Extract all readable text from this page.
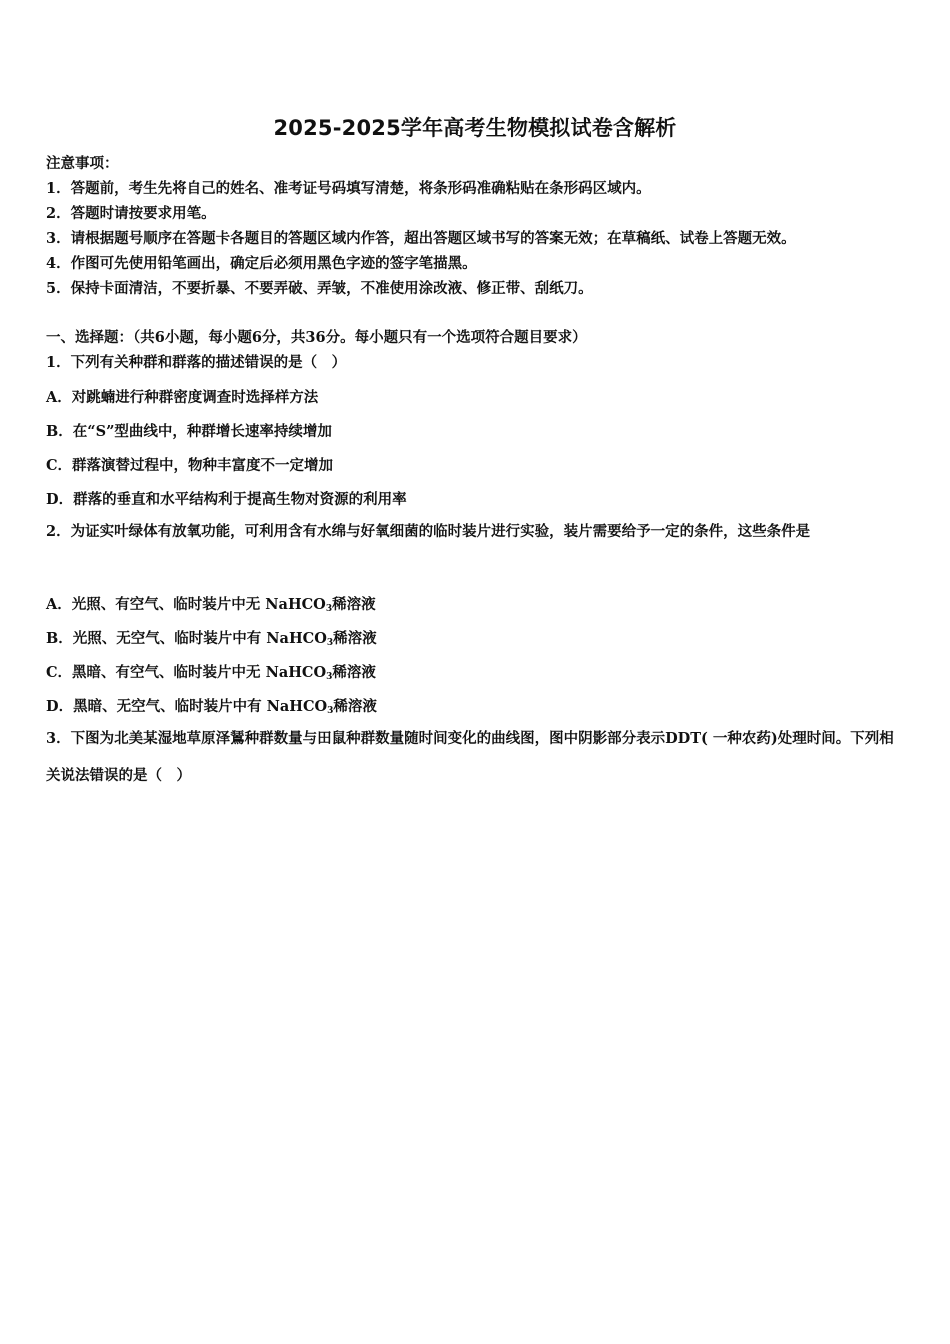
2025-2025学年高考生物模拟试卷含解析
注意事项：
1．答题前，考生先将自己的姓名、准考证号码填写清楚，将条形码准确粘贴在条形码区域内。
2．答题时请按要求用笔。
3．请根据题号顺序在答题卡各题目的答题区域内作答，超出答题区域书写的答案无效；在草稿纸、试卷上答题无效。
4．作图可先使用铅笔画出，确定后必须用黑色字迹的签字笔描黑。
5．保持卡面清洁，不要折暴、不要弄破、弄皱，不准使用涂改液、修正带、刮纸刀。
一、选择题：（共6小题，每小题6分，共36分。每小题只有一个选项符合题目要求）
1．下列有关种群和群落的描述错误的是（　）
A．对跳蝻进行种群密度调查时选择样方法
B．在“S”型曲线中，种群增长速率持续增加
C．群落演替过程中，物种丰富度不一定增加
D．群落的垂直和水平结构利于提高生物对资源的利用率
2．为证实叶绿体有放氧功能，可利用含有水绵与好氧细菌的临时装片进行实验，装片需要给予一定的条件，这些条件是
A．光照、有空气、临时装片中无 NaHCO$_3$稀溶液
B．光照、无空气、临时装片中有 NaHCO$_3$稀溶液
C．黑暗、有空气、临时装片中无 NaHCO$_3$稀溶液
D．黑暗、无空气、临时装片中有 NaHCO$_3$稀溶液
3．下图为北美某湿地草原泽鵟种群数量与田鼠种群数量随时间变化的曲线图，图中阴影部分表示DDT( 一种农药)处理时间。下列相关说法错误的是（　）
